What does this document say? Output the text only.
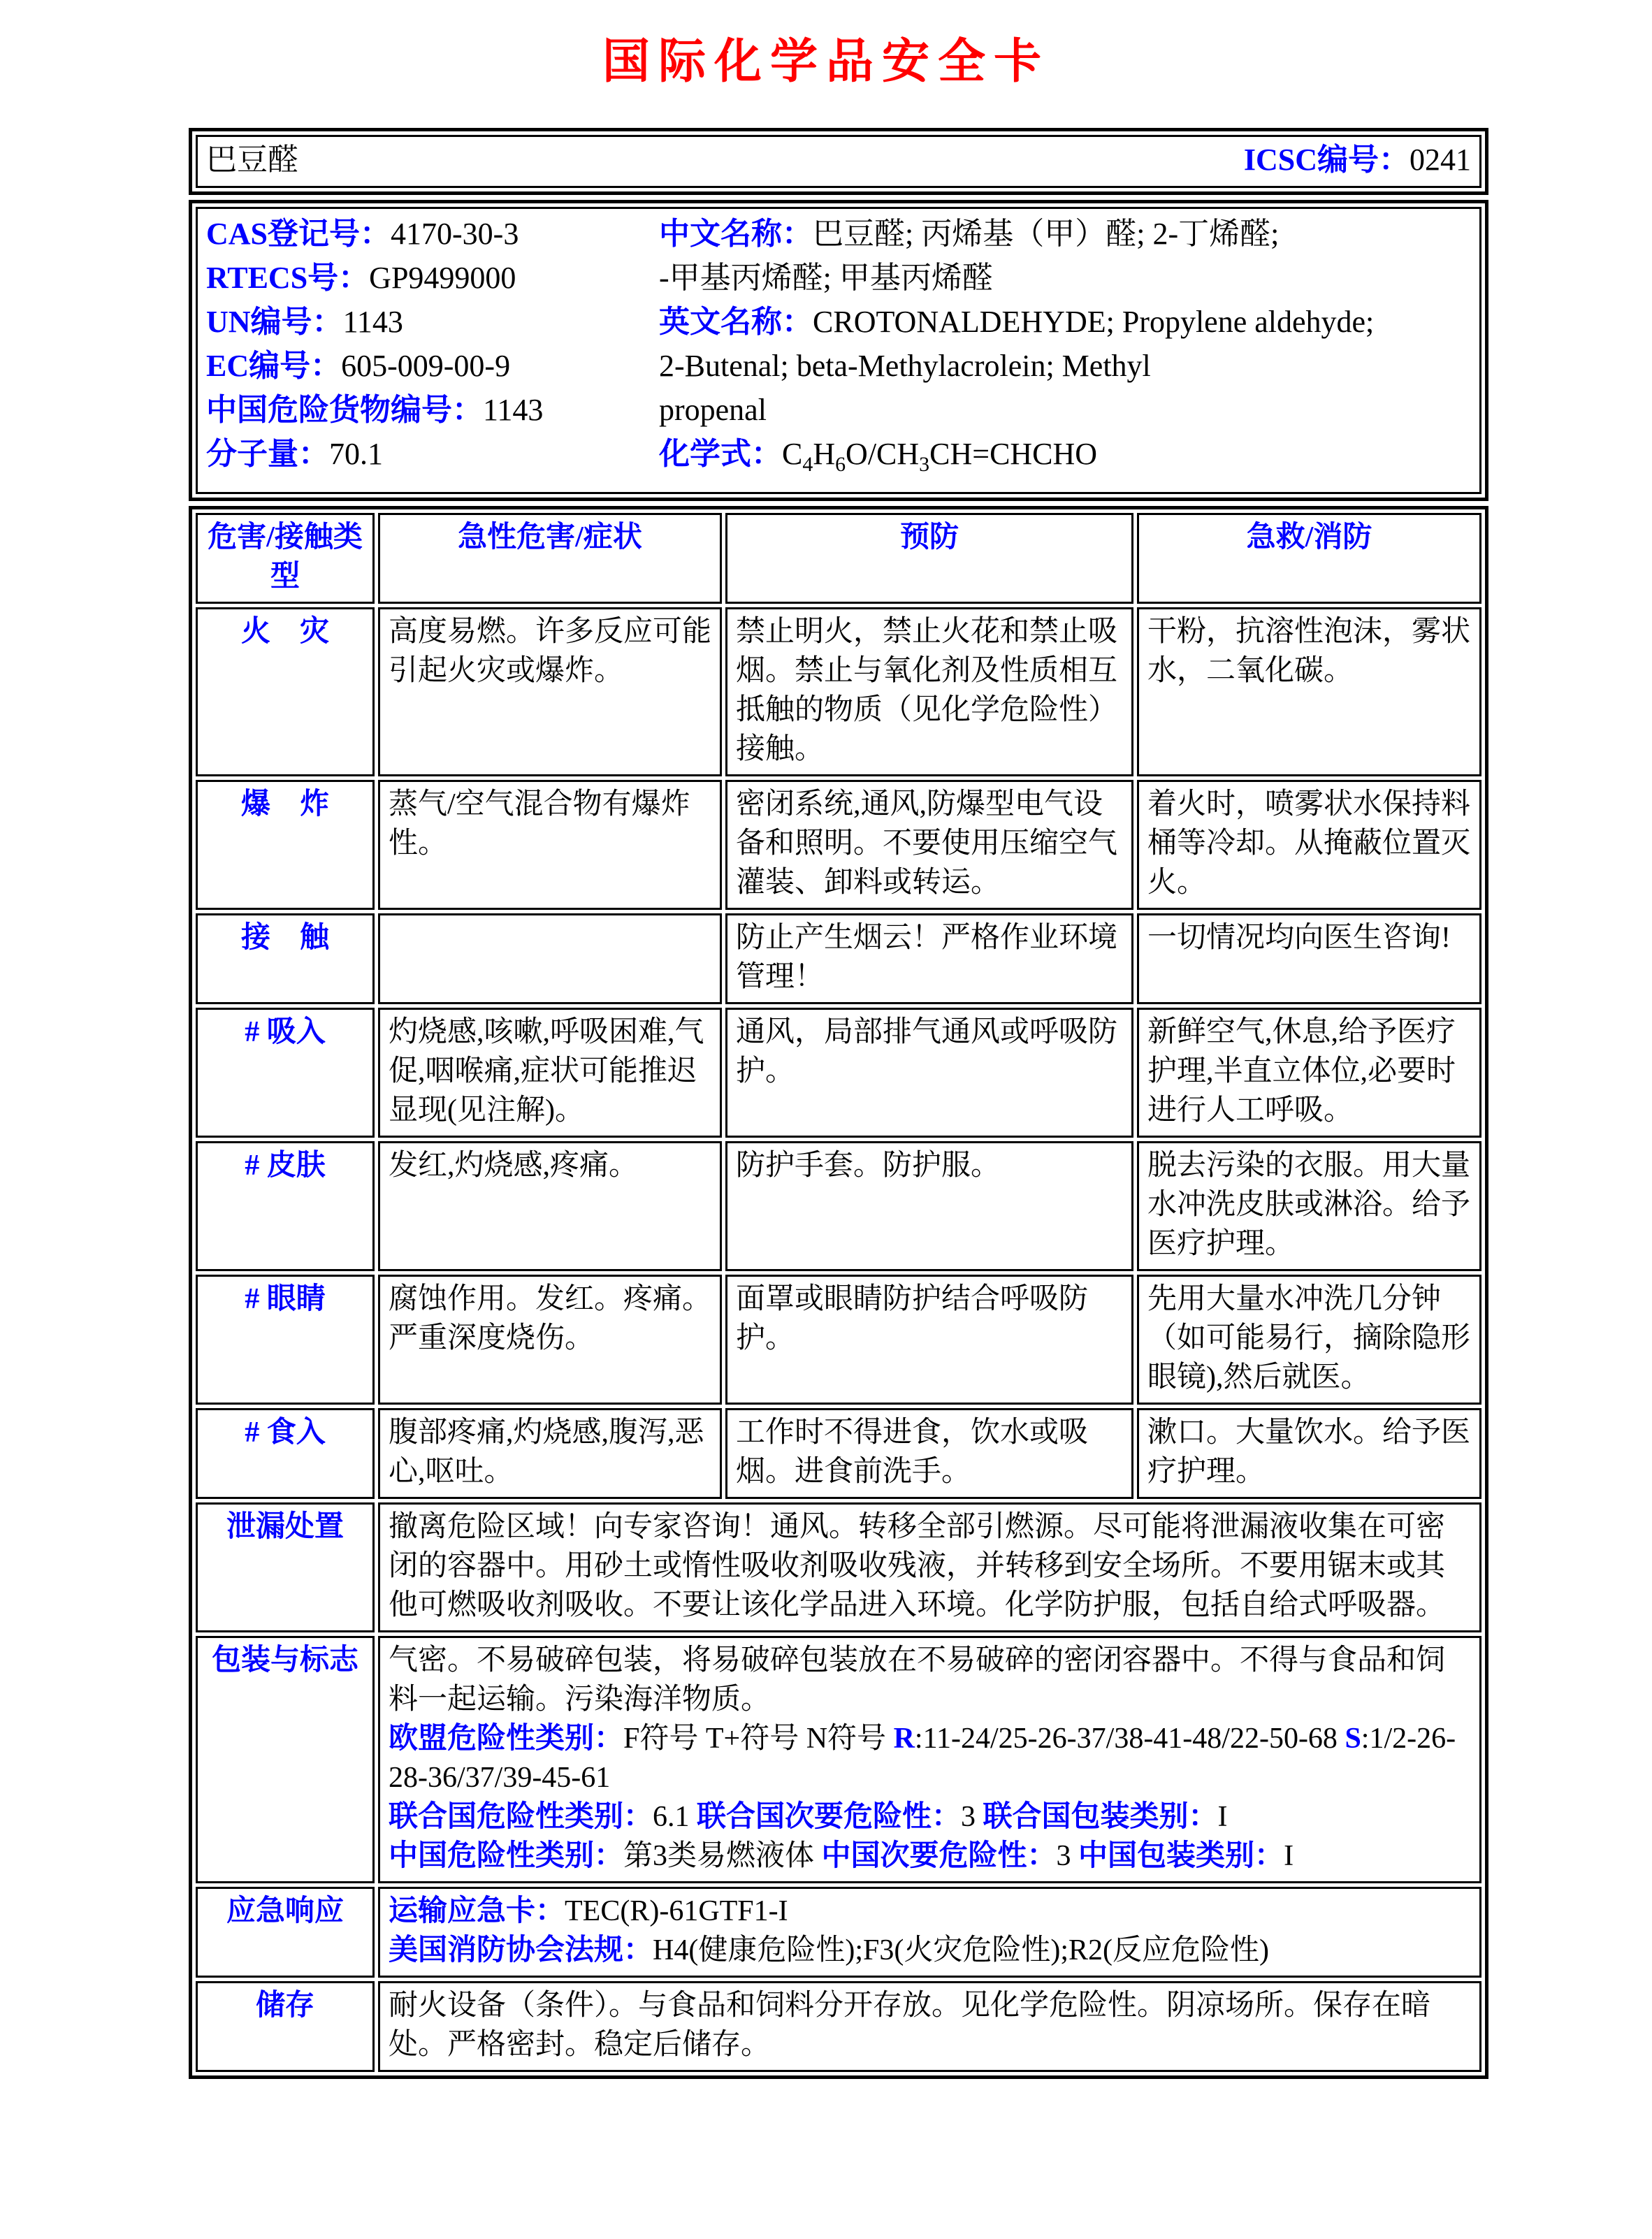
国际化学品安全卡
巴豆醛	ICSC编号：0241
CAS登记号：4170-30-3
RTECS号：GP9499000
UN编号：1143
EC编号：605-009-00-9
中国危险货物编号：1143
分子量：70.1
中文名称：巴豆醛; 丙烯基（甲）醛; 2-丁烯醛;
-甲基丙烯醛; 甲基丙烯醛
英文名称：CROTONALDEHYDE; Propylene aldehyde;
2-Butenal; beta-Methylacrolein; Methyl
propenal
化学式：$C_4H_6O/CH_3CH=CHCHO$
危害/接触类型	急性危害/症状	预防	急救/消防
火　灾	高度易燃。许多反应可能引起火灾或爆炸。	禁止明火，禁止火花和禁止吸烟。禁止与氧化剂及性质相互抵触的物质（见化学危险性）接触。	干粉，抗溶性泡沫，雾状水，二氧化碳。
爆　炸	蒸气/空气混合物有爆炸性。	密闭系统,通风,防爆型电气设备和照明。不要使用压缩空气灌装、卸料或转运。	着火时，喷雾状水保持料桶等冷却。从掩蔽位置灭火。
接　触		防止产生烟云！严格作业环境管理！	一切情况均向医生咨询!
# 吸入	灼烧感,咳嗽,呼吸困难,气促,咽喉痛,症状可能推迟显现(见注解)。	通风，局部排气通风或呼吸防护。	新鲜空气,休息,给予医疗护理,半直立体位,必要时进行人工呼吸。
# 皮肤	发红,灼烧感,疼痛。	防护手套。防护服。	脱去污染的衣服。用大量水冲洗皮肤或淋浴。给予医疗护理。
# 眼睛	腐蚀作用。发红。疼痛。严重深度烧伤。	面罩或眼睛防护结合呼吸防护。	先用大量水冲洗几分钟（如可能易行，摘除隐形眼镜),然后就医。
# 食入	腹部疼痛,灼烧感,腹泻,恶心,呕吐。	工作时不得进食，饮水或吸烟。进食前洗手。	漱口。大量饮水。给予医疗护理。
泄漏处置	撤离危险区域！向专家咨询！通风。转移全部引燃源。尽可能将泄漏液收集在可密闭的容器中。用砂土或惰性吸收剂吸收残液，并转移到安全场所。不要用锯末或其他可燃吸收剂吸收。不要让该化学品进入环境。化学防护服，包括自给式呼吸器。		
包装与标志	气密。不易破碎包装，将易破碎包装放在不易破碎的密闭容器中。不得与食品和饲料一起运输。污染海洋物质。
欧盟危险性类别：F符号 T+符号 N符号 R:11-24/25-26-37/38-41-48/22-50-68 S:1/2-26-28-36/37/39-45-61
联合国危险性类别：6.1 联合国次要危险性：3 联合国包装类别：I
中国危险性类别：第3类易燃液体 中国次要危险性：3 中国包装类别：I		
应急响应	运输应急卡：TEC(R)-61GTF1-I
美国消防协会法规：H4(健康危险性);F3(火灾危险性);R2(反应危险性)		
储存	耐火设备（条件）。与食品和饲料分开存放。见化学危险性。阴凉场所。保存在暗处。严格密封。稳定后储存。		
